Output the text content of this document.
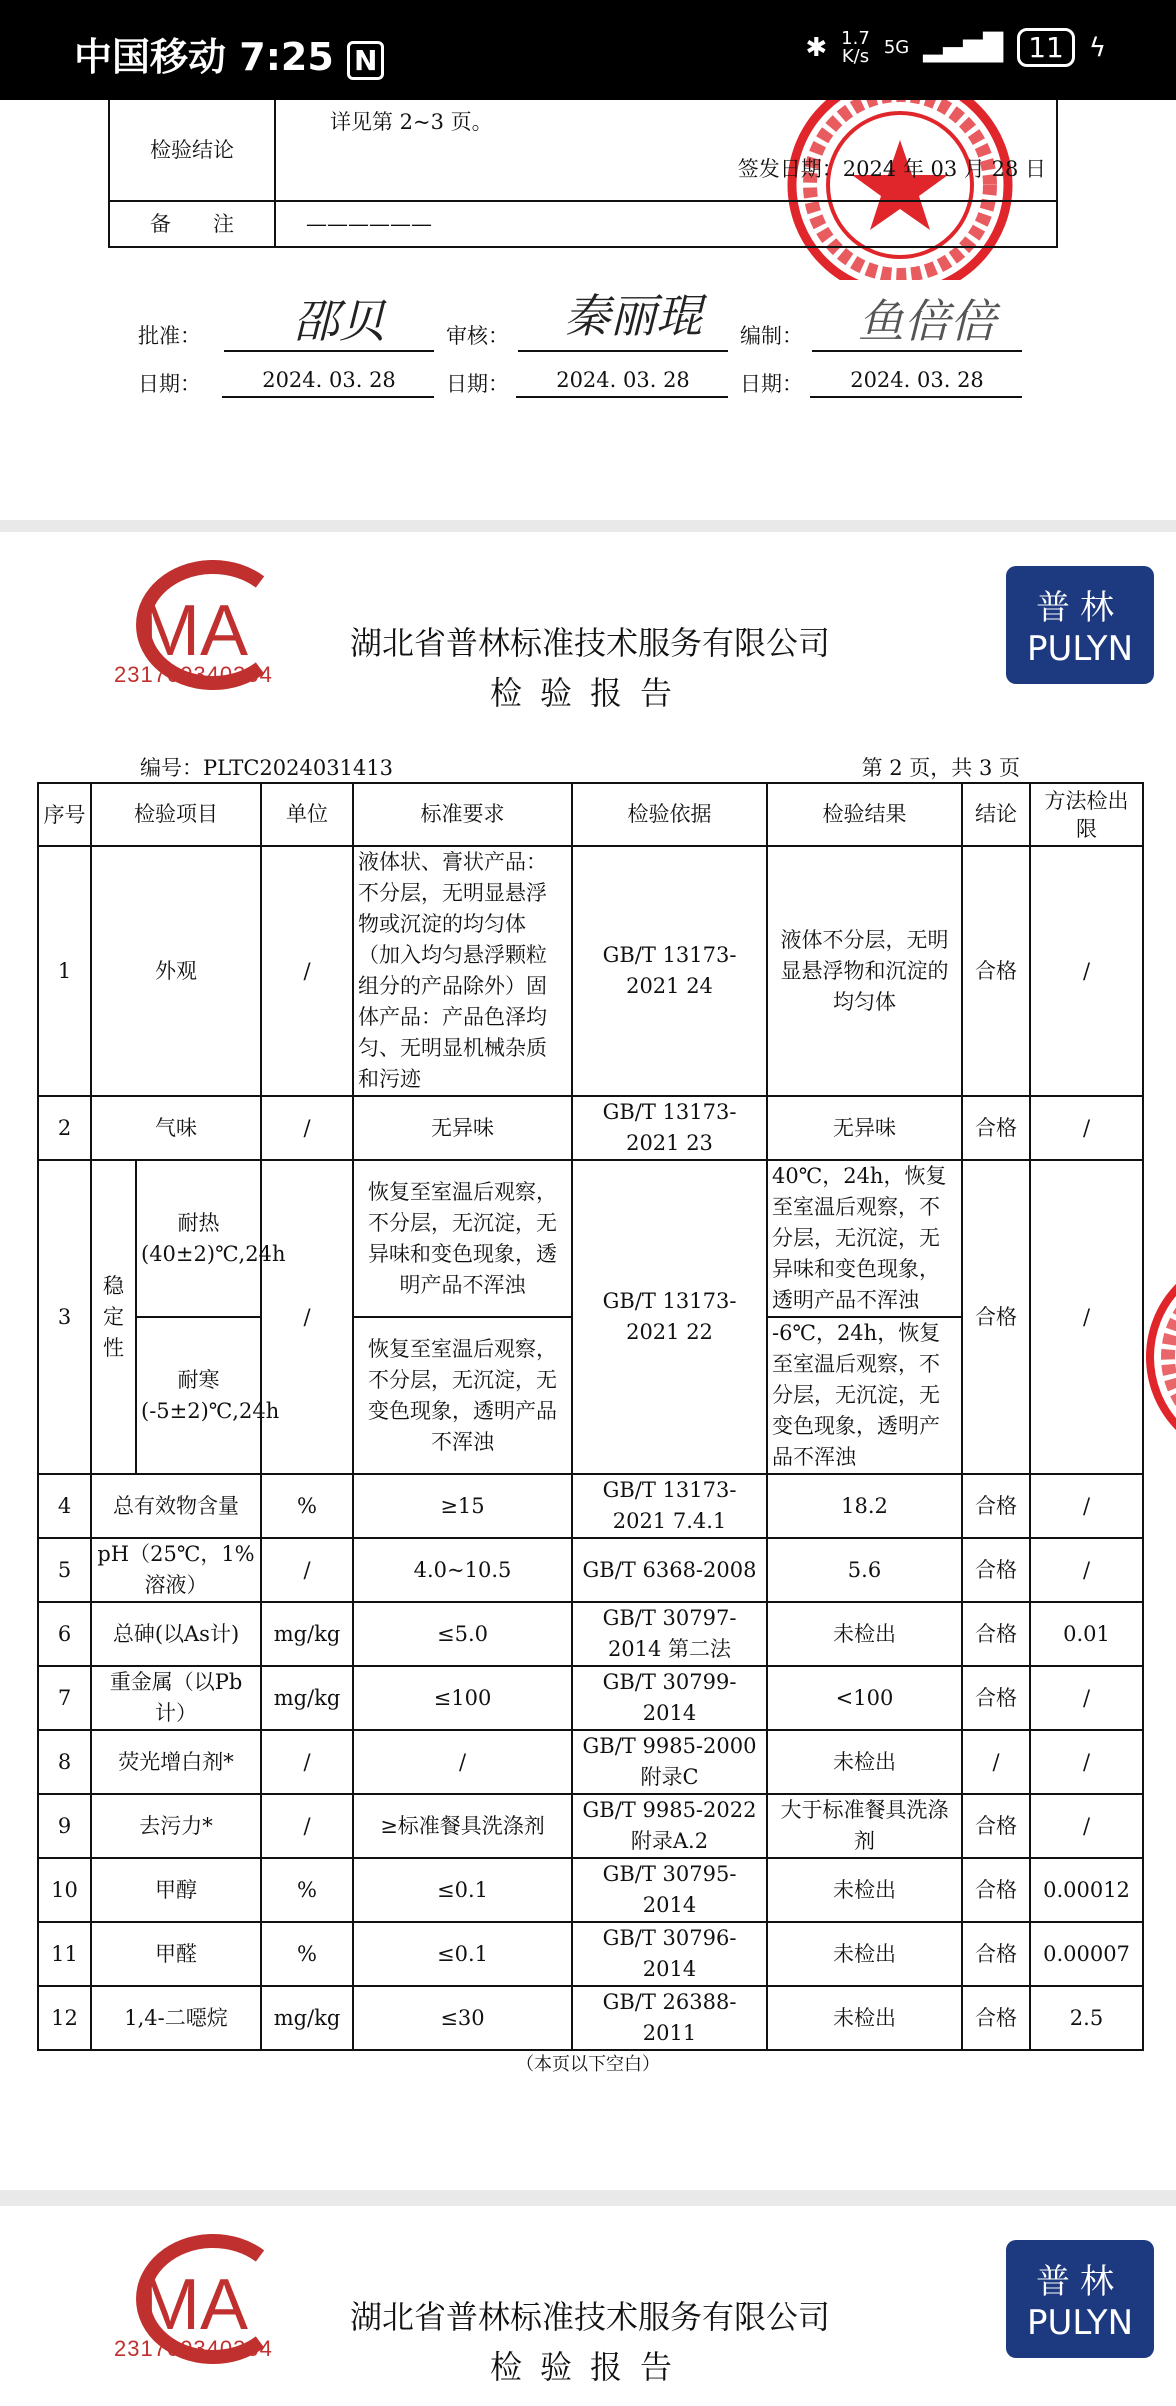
中国移动 7:25 N	✱ 1.7
K/s 5G ▂▄▆█ 11 ϟ
检验结论	详见第 2~3 页。
签发日期：2024 年 03 月 28 日

备　　注	——————
批准：	邵贝	审核：	秦丽琨	编制：	鱼倍倍
日期：	2024. 03. 28	日期：	2024. 03. 28	日期：	2024. 03. 28
MA
231700340364
湖北省普林标准技术服务有限公司
检验报告
普林
PULYN
编号：PLTC2024031413	第 2 页，共 3 页
序号	检验项目		单位	标准要求	检验依据	检验结果	结论	方法检出限
1	外观		/	液体状、膏状产品：不分层，无明显悬浮物或沉淀的均匀体（加入均匀悬浮颗粒组分的产品除外）固体产品：产品色泽均匀、无明显机械杂质和污迹	GB/T 13173-2021 24	液体不分层，无明显悬浮物和沉淀的均匀体	合格	/
2	气味		/	无异味	GB/T 13173-2021 23	无异味	合格	/
3	稳定性	耐热(40±2)℃,24h	/	恢复至室温后观察，不分层，无沉淀，无异味和变色现象，透明产品不浑浊	GB/T 13173-2021 22	40℃，24h，恢复至室温后观察，不分层，无沉淀，无异味和变色现象，透明产品不浑浊	合格	/
		耐寒(-5±2)℃,24h		恢复至室温后观察，不分层，无沉淀，无变色现象，透明产品不浑浊		-6℃，24h，恢复至室温后观察，不分层，无沉淀，无变色现象，透明产品不浑浊		
4	总有效物含量		%	≥15	GB/T 13173-2021 7.4.1	18.2	合格	/
5	pH（25℃，1%溶液）		/	4.0~10.5	GB/T 6368-2008	5.6	合格	/
6	总砷(以As计)		mg/kg	≤5.0	GB/T 30797-2014 第二法	未检出	合格	0.01
7	重金属（以Pb计）		mg/kg	≤100	GB/T 30799-2014	<100	合格	/
8	荧光增白剂*		/	/	GB/T 9985-2000 附录C	未检出	/	/
9	去污力*		/	≥标准餐具洗涤剂	GB/T 9985-2022 附录A.2	大于标准餐具洗涤剂	合格	/
10	甲醇		%	≤0.1	GB/T 30795-2014	未检出	合格	0.00012
11	甲醛		%	≤0.1	GB/T 30796-2014	未检出	合格	0.00007
12	1,4-二噁烷		mg/kg	≤30	GB/T 26388-2011	未检出	合格	2.5
（本页以下空白）
MA
231700340364
湖北省普林标准技术服务有限公司
检验报告
普林
PULYN
